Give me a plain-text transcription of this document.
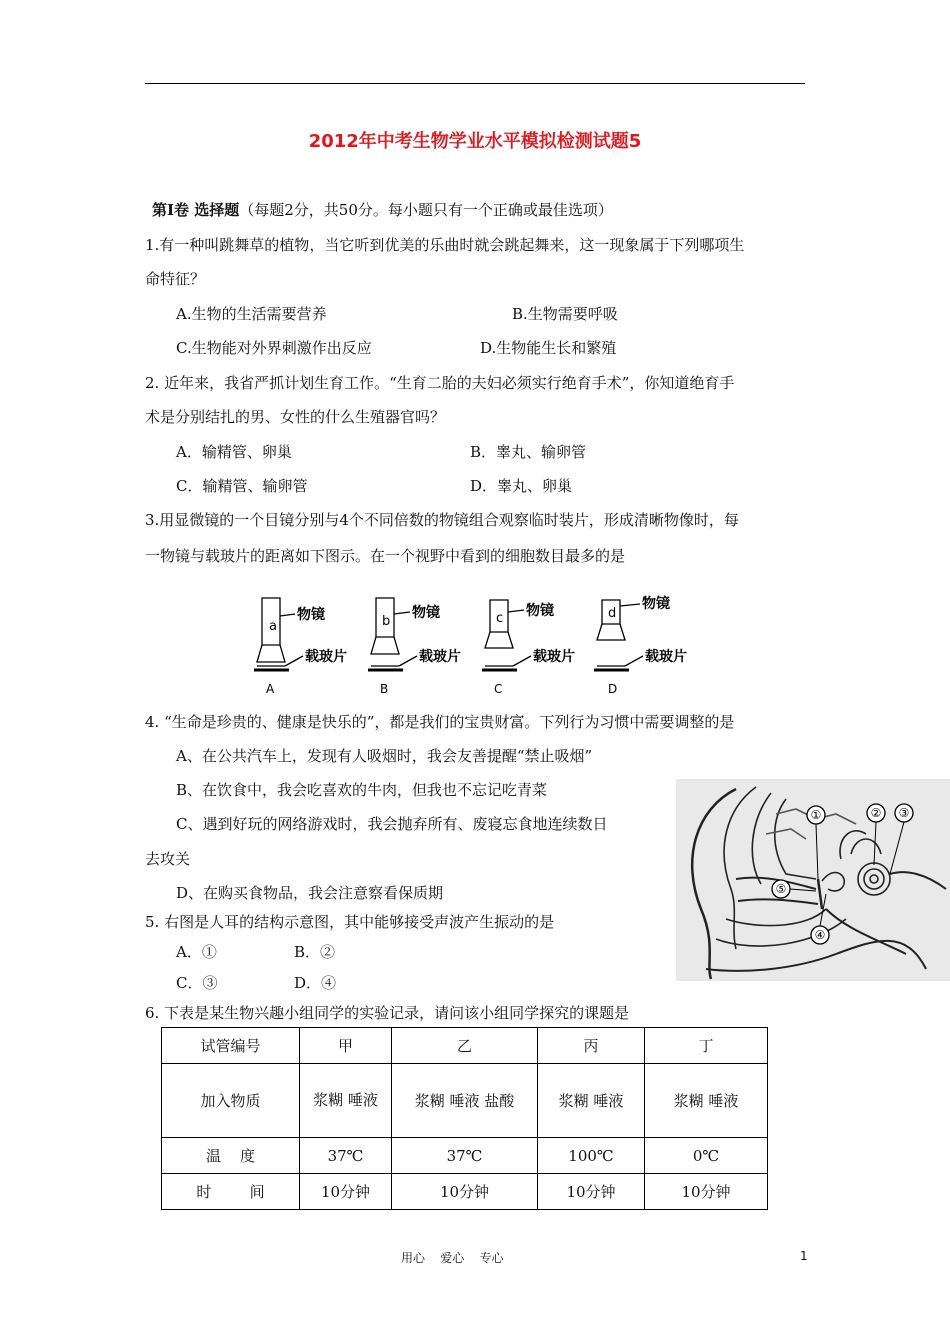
2012年中考生物学业水平模拟检测试题5
第Ⅰ卷 选择题（每题2分，共50分。每小题只有一个正确或最佳选项）
1.有一种叫跳舞草的植物，当它听到优美的乐曲时就会跳起舞来，这一现象属于下列哪项生
命特征？
A.生物的生活需要营养	B.生物需要呼吸
C.生物能对外界刺激作出反应	D.生物能生长和繁殖
2. 近年来，我省严抓计划生育工作。“生育二胎的夫妇必须实行绝育手术”，你知道绝育手
术是分别结扎的男、女性的什么生殖器官吗？
A．输精管、卵巢	B．睾丸、输卵管
C．输精管、输卵管	D．睾丸、卵巢
3.用显微镜的一个目镜分别与4个不同倍数的物镜组合观察临时装片，形成清晰物像时，每
一物镜与载玻片的距离如下图示。在一个视野中看到的细胞数目最多的是
a
物镜
载玻片
A
b
物镜
载玻片
B
c 物镜
载玻片
C
d
物镜
载玻片
D
4. “生命是珍贵的、健康是快乐的”，都是我们的宝贵财富。下列行为习惯中需要调整的是
A、在公共汽车上，发现有人吸烟时，我会友善提醒“禁止吸烟”
B、在饮食中，我会吃喜欢的牛肉，但我也不忘记吃青菜
C、遇到好玩的网络游戏时，我会抛弃所有、废寝忘食地连续数日
去攻关
D、在购买食物品，我会注意察看保质期
①	② ③
④
⑤
5. 右图是人耳的结构示意图，其中能够接受声波产生振动的是
A．①	B．②
C．③	D．④
6. 下表是某生物兴趣小组同学的实验记录，请问该小组同学探究的课题是
试管编号	甲	乙	丙	丁
加入物质	浆糊 唾液	浆糊 唾液 盐酸	浆糊 唾液	浆糊 唾液
温    度	37℃	37℃	100℃	0℃
时        间	10分钟	10分钟	10分钟	10分钟
用心    爱心    专心	1
